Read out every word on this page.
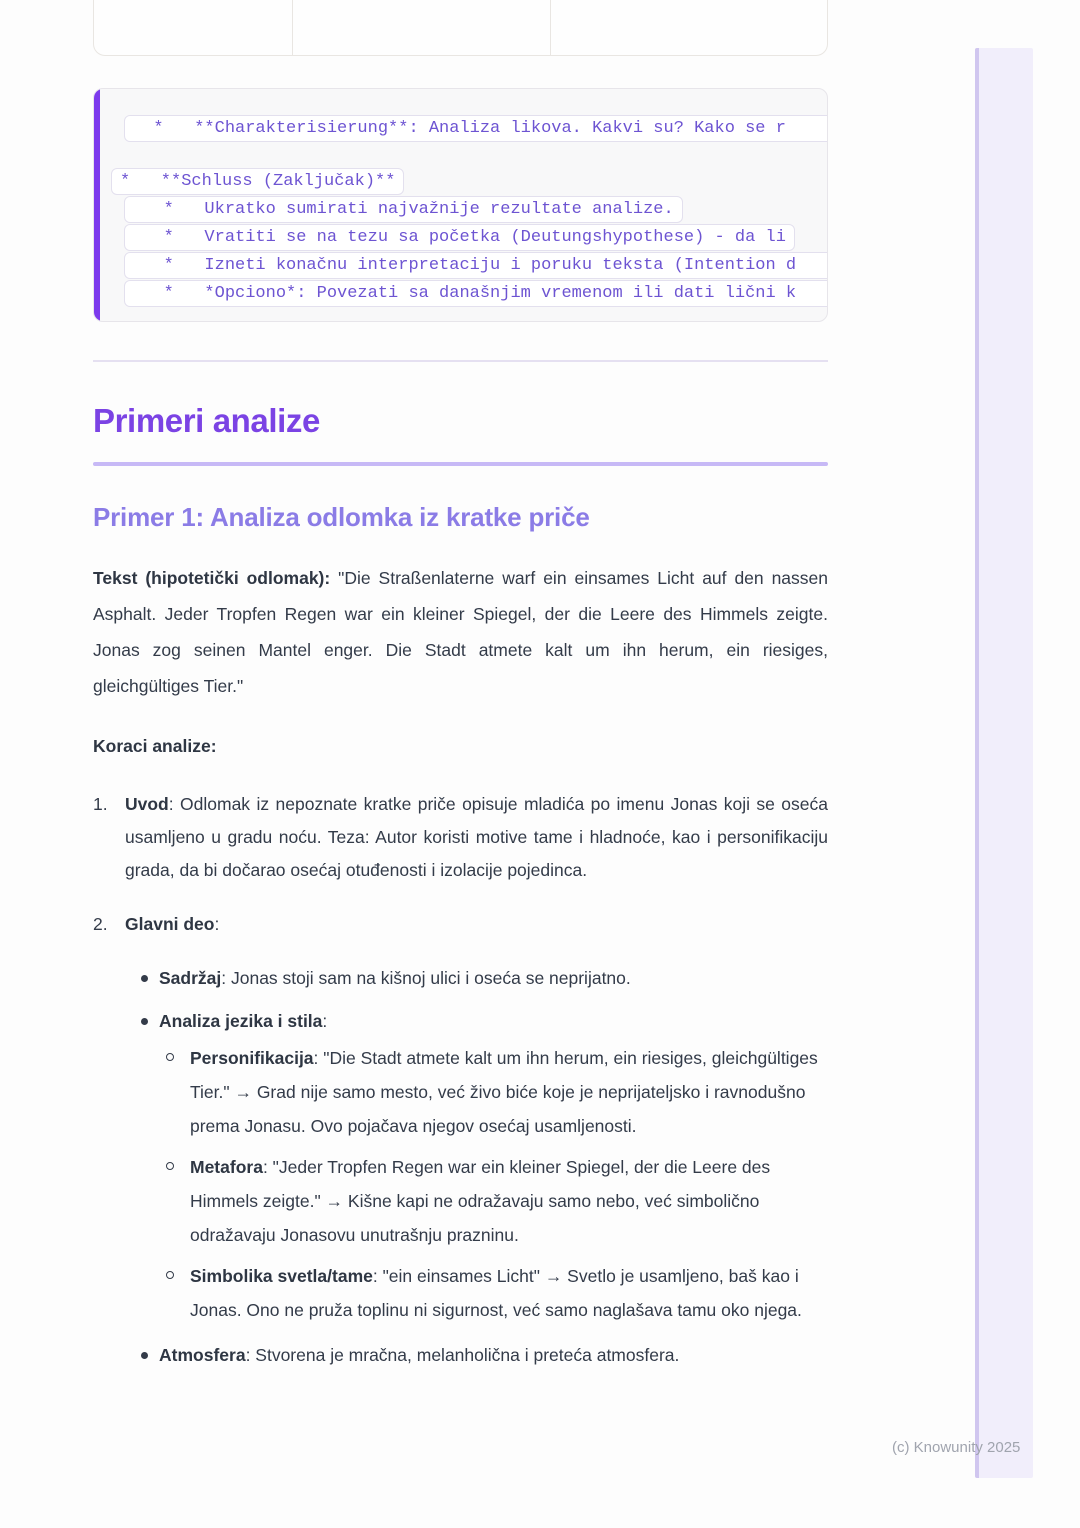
(c) Knowunity 2025
*   **Charakterisierung**: Analiza likova. Kakvi su? Kako se r
*   **Schluss (Zaključak)**
*   Ukratko sumirati najvažnije rezultate analize.
*   Vratiti se na tezu sa početka (Deutungshypothese) - da li
*   Izneti konačnu interpretaciju i poruku teksta (Intention d
*   *Opciono*: Povezati sa današnjim vremenom ili dati lični k
Primeri analize
Primer 1: Analiza odlomka iz kratke priče

Tekst (hipotetički odlomak): "Die Straßenlaterne warf ein einsames Licht auf den nassen Asphalt. Jeder Tropfen Regen war ein kleiner Spiegel, der die Leere des Himmels zeigte. Jonas zog seinen Mantel enger. Die Stadt atmete kalt um ihn herum, ein riesiges, gleichgültiges Tier."

Koraci analize:

1. Uvod: Odlomak iz nepoznate kratke priče opisuje mladića po imenu Jonas koji se oseća usamljeno u gradu noću. Teza: Autor koristi motive tame i hladnoće, kao i personifikaciju grada, da bi dočarao osećaj otuđenosti i izolacije pojedinca.
2. Glavni deo:
Sadržaj: Jonas stoji sam na kišnoj ulici i oseća se neprijatno.
Analiza jezika i stila:
Personifikacija: "Die Stadt atmete kalt um ihn herum, ein riesiges, gleichgültiges Tier." → Grad nije samo mesto, već živo biće koje je neprijateljsko i ravnodušno prema Jonasu. Ovo pojačava njegov osećaj usamljenosti.
Metafora: "Jeder Tropfen Regen war ein kleiner Spiegel, der die Leere des Himmels zeigte." → Kišne kapi ne odražavaju samo nebo, već simbolično odražavaju Jonasovu unutrašnju prazninu.
Simbolika svetla/tame: "ein einsames Licht" → Svetlo je usamljeno, baš kao i Jonas. Ono ne pruža toplinu ni sigurnost, već samo naglašava tamu oko njega.
Atmosfera: Stvorena je mračna, melanholična i preteća atmosfera.
